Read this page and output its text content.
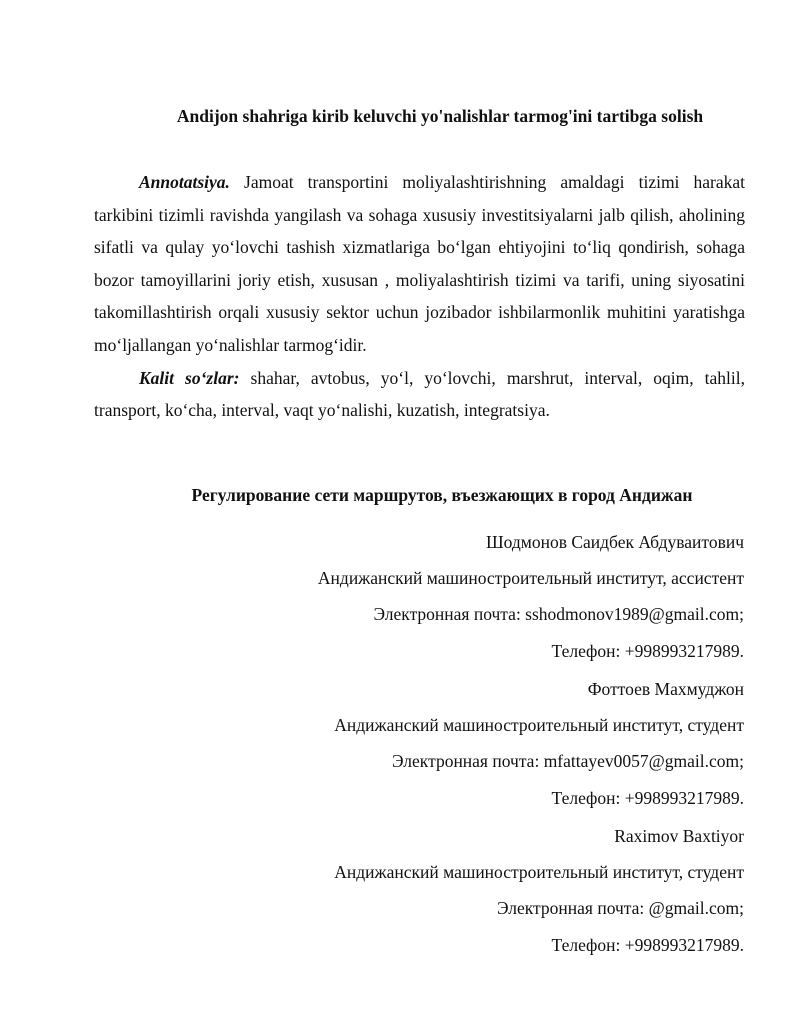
Andijon shahriga kirib keluvchi yo'nalishlar tarmog'ini tartibga solish

Annotatsiya. Jamoat transportini moliyalashtirishning amaldagi tizimi harakat tarkibini tizimli ravishda yangilash va sohaga xususiy investitsiyalarni jalb qilish, aholining sifatli va qulay yo‘lovchi tashish xizmatlariga bo‘lgan ehtiyojini to‘liq qondirish, sohaga bozor tamoyillarini joriy etish, xususan , moliyalashtirish tizimi va tarifi, uning siyosatini takomillashtirish orqali xususiy sektor uchun jozibador ishbilarmonlik muhitini yaratishga mo‘ljallangan yo‘nalishlar tarmog‘idir.

Kalit so‘zlar: shahar, avtobus, yo‘l, yo‘lovchi, marshrut, interval, oqim, tahlil, transport, ko‘cha, interval, vaqt yo‘nalishi, kuzatish, integratsiya.

Регулирование сети маршрутов, въезжающих в город Андижан
Шодмонов Саидбек Абдуваитович
Андижанский машиностроительный институт, ассистент
Электронная почта: sshodmonov1989@gmail.com;
Телефон: +998993217989.
Фоттоев Махмуджон
Андижанский машиностроительный институт, студент
Электронная почта: mfattayev0057@gmail.com;
Телефон: +998993217989.
Raximov Baxtiyor
Андижанский машиностроительный институт, студент
Электронная почта: @gmail.com;
Телефон: +998993217989.
